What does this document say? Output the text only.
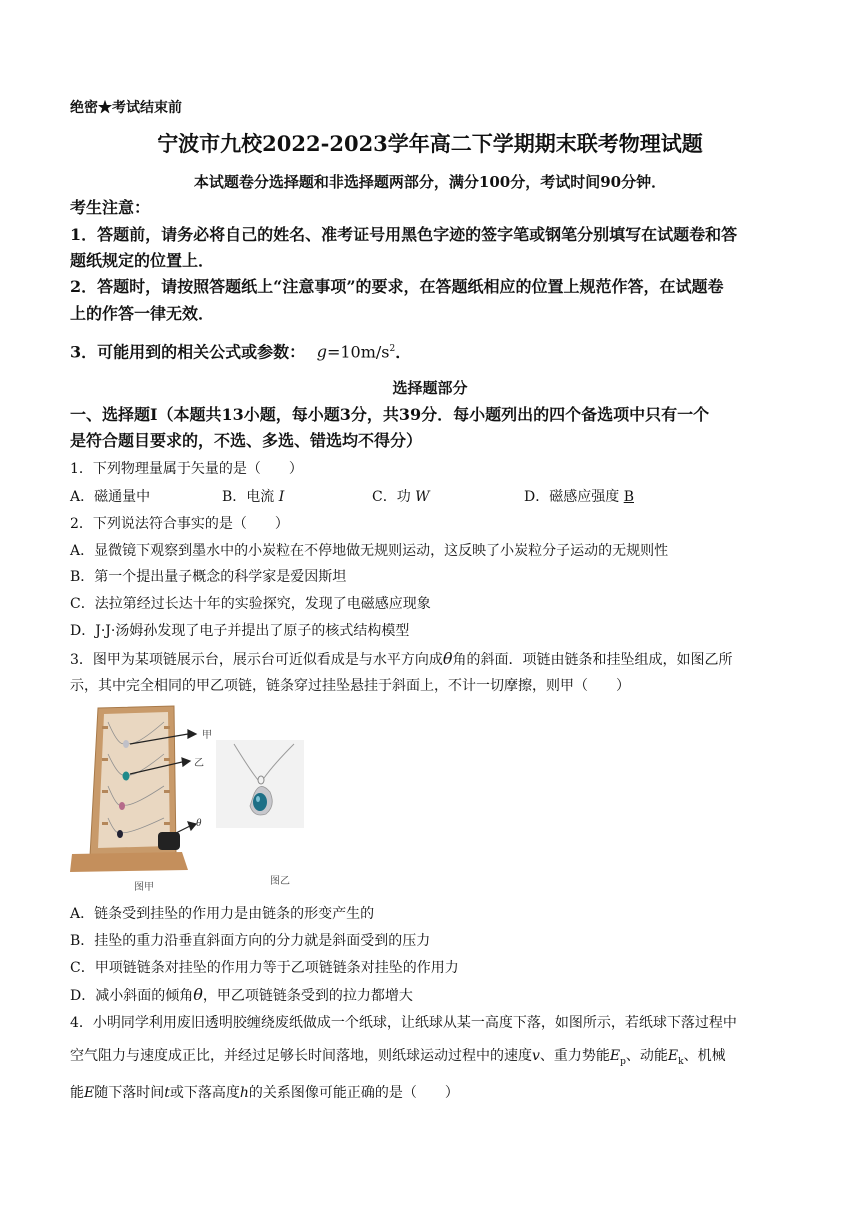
绝密★考试结束前
宁波市九校2022-2023学年高二下学期期末联考物理试题
本试题卷分选择题和非选择题两部分，满分100分，考试时间90分钟．
考生注意：
1．答题前，请务必将自己的姓名、准考证号用黑色字迹的签字笔或钢笔分别填写在试题卷和答
题纸规定的位置上．
2．答题时，请按照答题纸上“注意事项”的要求，在答题纸相应的位置上规范作答，在试题卷
上的作答一律无效．
3．可能用到的相关公式或参数： $g=10m/s^2$．
选择题部分
一、选择题Ⅰ（本题共13小题，每小题3分，共39分．每小题列出的四个备选项中只有一个
是符合题目要求的，不选、多选、错选均不得分）
1．下列物理量属于矢量的是（　　）
A．磁通量中	B．电流 I	C．功 W	D．磁感应强度 B
2．下列说法符合事实的是（　　）
A．显微镜下观察到墨水中的小炭粒在不停地做无规则运动，这反映了小炭粒分子运动的无规则性
B．第一个提出量子概念的科学家是爱因斯坦
C．法拉第经过长达十年的实验探究，发现了电磁感应现象
D．J·J·汤姆孙发现了电子并提出了原子的核式结构模型
3．图甲为某项链展示台，展示台可近似看成是与水平方向成θ角的斜面．项链由链条和挂坠组成，如图乙所
示，其中完全相同的甲乙项链，链条穿过挂坠悬挂于斜面上，不计一切摩擦，则甲（　　）
甲
乙
θ
图甲
图乙
A．链条受到挂坠的作用力是由链条的形变产生的
B．挂坠的重力沿垂直斜面方向的分力就是斜面受到的压力
C．甲项链链条对挂坠的作用力等于乙项链链条对挂坠的作用力
D．减小斜面的倾角θ，甲乙项链链条受到的拉力都增大
4．小明同学利用废旧透明胶缠绕废纸做成一个纸球，让纸球从某一高度下落，如图所示，若纸球下落过程中
空气阻力与速度成正比，并经过足够长时间落地，则纸球运动过程中的速度v、重力势能$E_p$、动能$E_k$、机械
能E随下落时间t或下落高度h的关系图像可能正确的是（　　）
